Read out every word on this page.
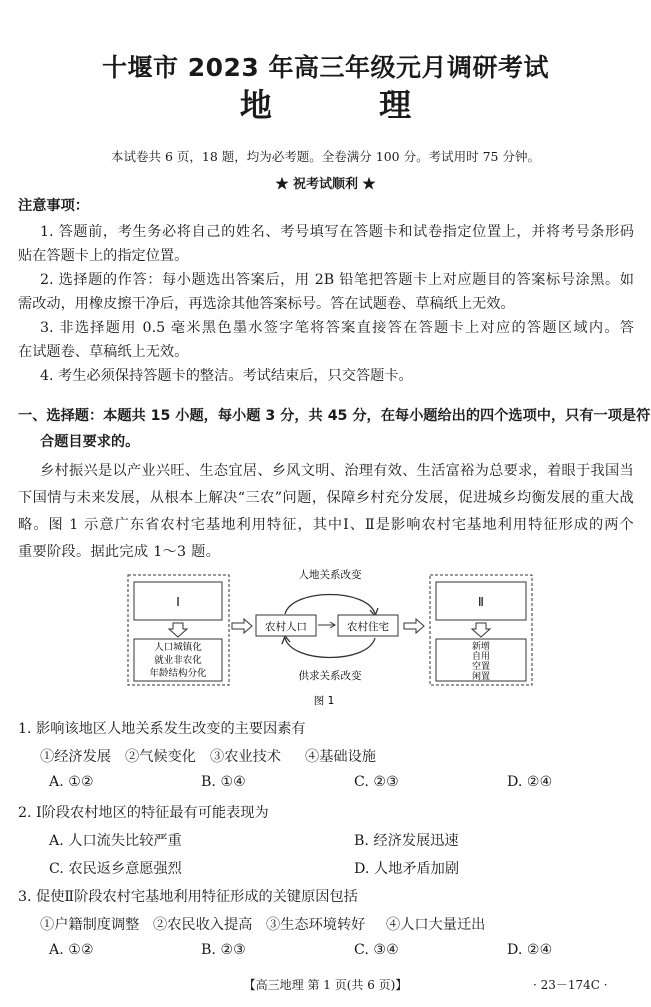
十堰市 2023 年高三年级元月调研考试
地 理
本试卷共 6 页，18 题，均为必考题。全卷满分 100 分。考试用时 75 分钟。
★ 祝考试顺利 ★
注意事项：
1. 答题前，考生务必将自己的姓名、考号填写在答题卡和试卷指定位置上，并将考号条形码
贴在答题卡上的指定位置。
2. 选择题的作答：每小题选出答案后，用 2B 铅笔把答题卡上对应题目的答案标号涂黑。如
需改动，用橡皮擦干净后，再选涂其他答案标号。答在试题卷、草稿纸上无效。
3. 非选择题用 0.5 毫米黑色墨水签字笔将答案直接答在答题卡上对应的答题区域内。答
在试题卷、草稿纸上无效。
4. 考生必须保持答题卡的整洁。考试结束后，只交答题卡。
一、选择题：本题共 15 小题，每小题 3 分，共 45 分，在每小题给出的四个选项中，只有一项是符
合题目要求的。
乡村振兴是以产业兴旺、生态宜居、乡风文明、治理有效、生活富裕为总要求，着眼于我国当
下国情与未来发展，从根本上解决“三农”问题，保障乡村充分发展，促进城乡均衡发展的重大战
略。图 1 示意广东省农村宅基地利用特征，其中Ⅰ、Ⅱ是影响农村宅基地利用特征形成的两个
重要阶段。据此完成 1～3 题。
Ⅰ
人口城镇化
就业非农化
年龄结构分化
人地关系改变
供求关系改变
农村人口	农村住宅
Ⅱ
新增
自用
空置
闲置
图 1
1. 影响该地区人地关系发生改变的主要因素有
①经济发展 ②气候变化 ③农业技术 ④基础设施
A. ①②	B. ①④	C. ②③	D. ②④
2. Ⅰ阶段农村地区的特征最有可能表现为
A. 人口流失比较严重	B. 经济发展迅速
C. 农民返乡意愿强烈	D. 人地矛盾加剧
3. 促使Ⅱ阶段农村宅基地利用特征形成的关键原因包括
①户籍制度调整 ②农民收入提高 ③生态环境转好 ④人口大量迁出
A. ①②	B. ②③	C. ③④	D. ②④
【高三地理 第 1 页(共 6 页)】	· 23－174C ·
